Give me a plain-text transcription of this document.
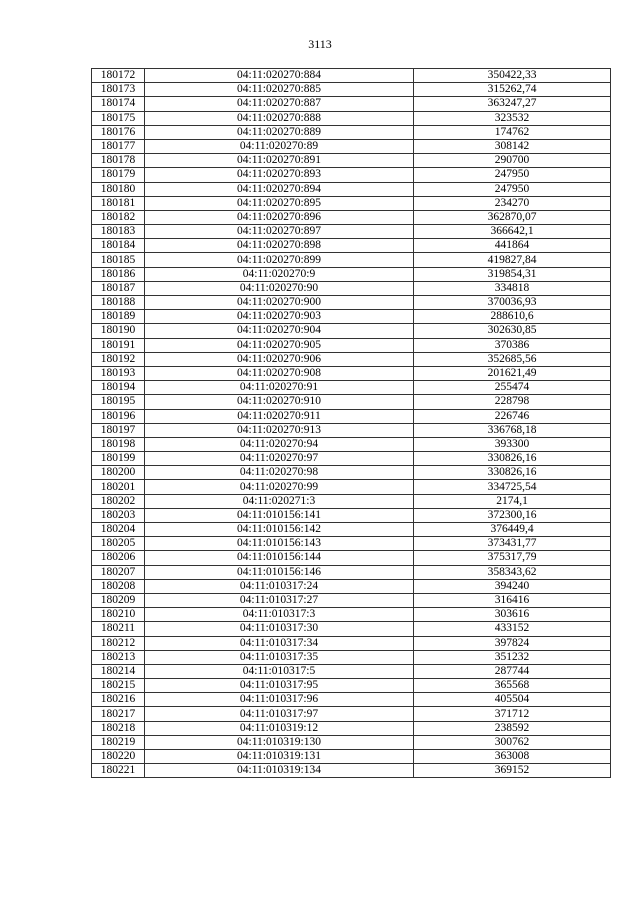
3113
180172	04:11:020270:884	350422,33
180173	04:11:020270:885	315262,74
180174	04:11:020270:887	363247,27
180175	04:11:020270:888	323532
180176	04:11:020270:889	174762
180177	04:11:020270:89	308142
180178	04:11:020270:891	290700
180179	04:11:020270:893	247950
180180	04:11:020270:894	247950
180181	04:11:020270:895	234270
180182	04:11:020270:896	362870,07
180183	04:11:020270:897	366642,1
180184	04:11:020270:898	441864
180185	04:11:020270:899	419827,84
180186	04:11:020270:9	319854,31
180187	04:11:020270:90	334818
180188	04:11:020270:900	370036,93
180189	04:11:020270:903	288610,6
180190	04:11:020270:904	302630,85
180191	04:11:020270:905	370386
180192	04:11:020270:906	352685,56
180193	04:11:020270:908	201621,49
180194	04:11:020270:91	255474
180195	04:11:020270:910	228798
180196	04:11:020270:911	226746
180197	04:11:020270:913	336768,18
180198	04:11:020270:94	393300
180199	04:11:020270:97	330826,16
180200	04:11:020270:98	330826,16
180201	04:11:020270:99	334725,54
180202	04:11:020271:3	2174,1
180203	04:11:010156:141	372300,16
180204	04:11:010156:142	376449,4
180205	04:11:010156:143	373431,77
180206	04:11:010156:144	375317,79
180207	04:11:010156:146	358343,62
180208	04:11:010317:24	394240
180209	04:11:010317:27	316416
180210	04:11:010317:3	303616
180211	04:11:010317:30	433152
180212	04:11:010317:34	397824
180213	04:11:010317:35	351232
180214	04:11:010317:5	287744
180215	04:11:010317:95	365568
180216	04:11:010317:96	405504
180217	04:11:010317:97	371712
180218	04:11:010319:12	238592
180219	04:11:010319:130	300762
180220	04:11:010319:131	363008
180221	04:11:010319:134	369152
